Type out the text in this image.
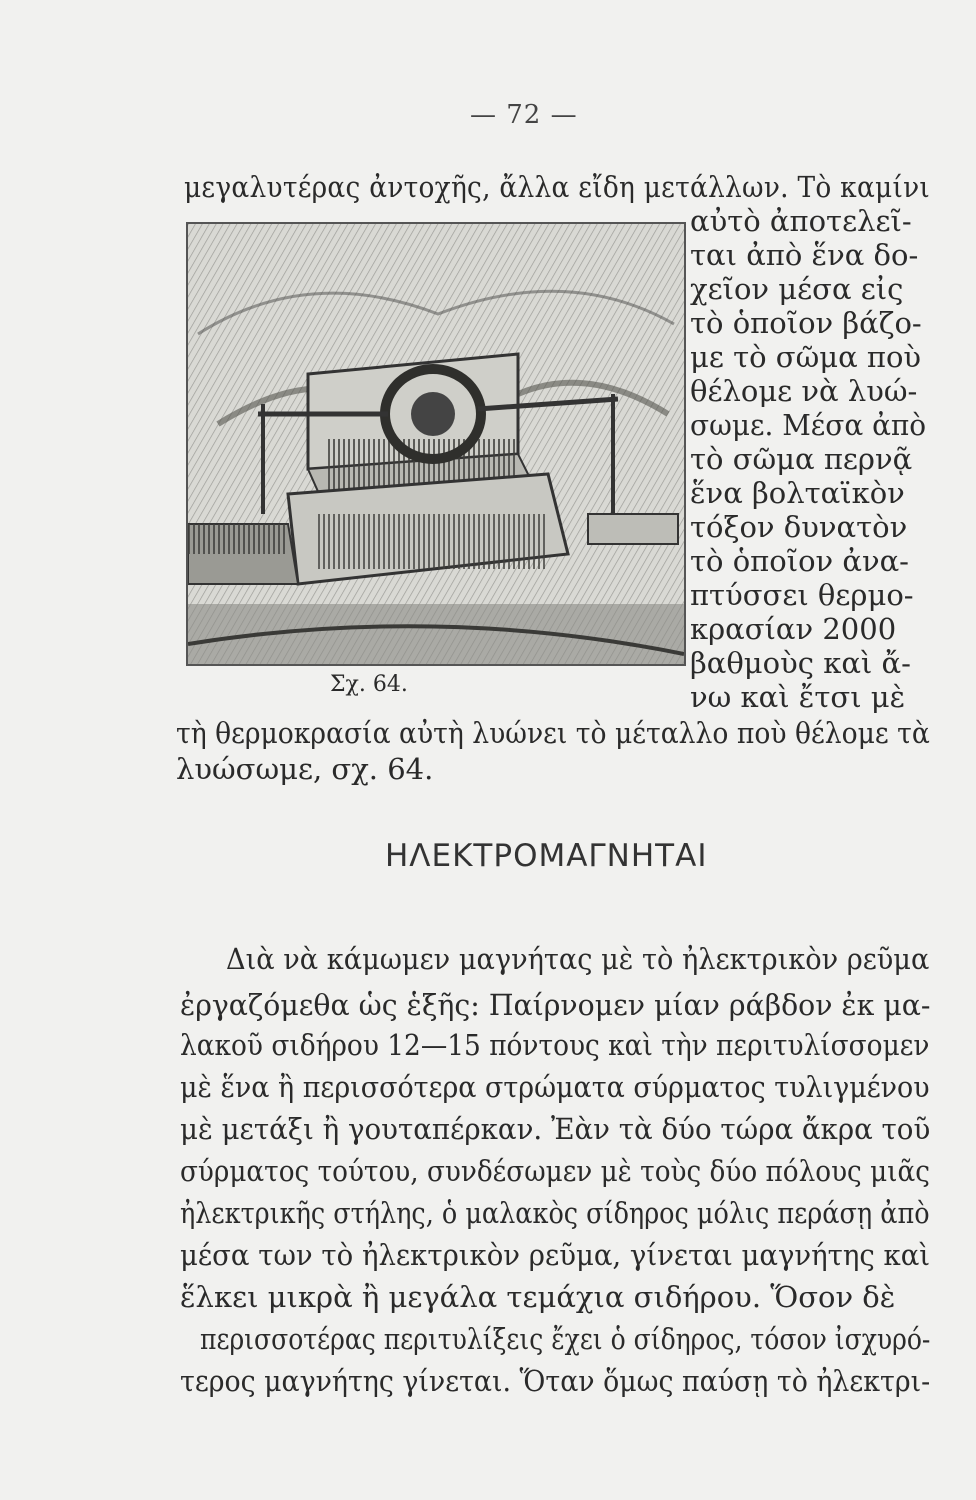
— 72 —
μεγαλυτέρας ἀντοχῆς, ἄλλα εἴδη μετάλλων. Τὸ καμίνι
αὐτὸ ἀποτελεῖ-
ται ἀπὸ ἕνα δο-
χεῖον μέσα εἰς
τὸ ὁποῖον βάζο-
με τὸ σῶμα ποὺ
θέλομε νὰ λυώ-
σωμε. Μέσα ἀπὸ
τὸ σῶμα περνᾷ
ἕνα βολταϊκὸν
τόξον δυνατὸν
τὸ ὁποῖον ἀνα-
πτύσσει θερμο-
κρασίαν 2000
βαθμοὺς καὶ ἄ-
νω καὶ ἔτσι μὲ
Σχ. 64.
τὴ θερμοκρασία αὐτὴ λυώνει τὸ μέταλλο ποὺ θέλομε τὰ
λυώσωμε, σχ. 64.
ΗΛΕΚΤΡΟΜΑΓΝΗΤΑΙ
Διὰ νὰ κάμωμεν μαγνήτας μὲ τὸ ἠλεκτρικὸν ρεῦμα
ἐργαζόμεθα ὡς ἑξῆς: Παίρνομεν μίαν ράβδον ἐκ μα-
λακοῦ σιδήρου 12—15 πόντους καὶ τὴν περιτυλίσσομεν
μὲ ἕνα ἢ περισσότερα στρώματα σύρματος τυλιγμένου
μὲ μετάξι ἢ γουταπέρκαν. Ἐὰν τὰ δύο τώρα ἄκρα τοῦ
σύρματος τούτου, συνδέσωμεν μὲ τοὺς δύο πόλους μιᾶς
ἠλεκτρικῆς στήλης, ὁ μαλακὸς σίδηρος μόλις περάσῃ ἀπὸ
μέσα των τὸ ἠλεκτρικὸν ρεῦμα, γίνεται μαγνήτης καὶ
ἕλκει μικρὰ ἢ μεγάλα τεμάχια σιδήρου. Ὅσον δὲ
περισσοτέρας περιτυλίξεις ἔχει ὁ σίδηρος, τόσον ἰσχυρό-
τερος μαγνήτης γίνεται. Ὅταν ὅμως παύσῃ τὸ ἠλεκτρι-
